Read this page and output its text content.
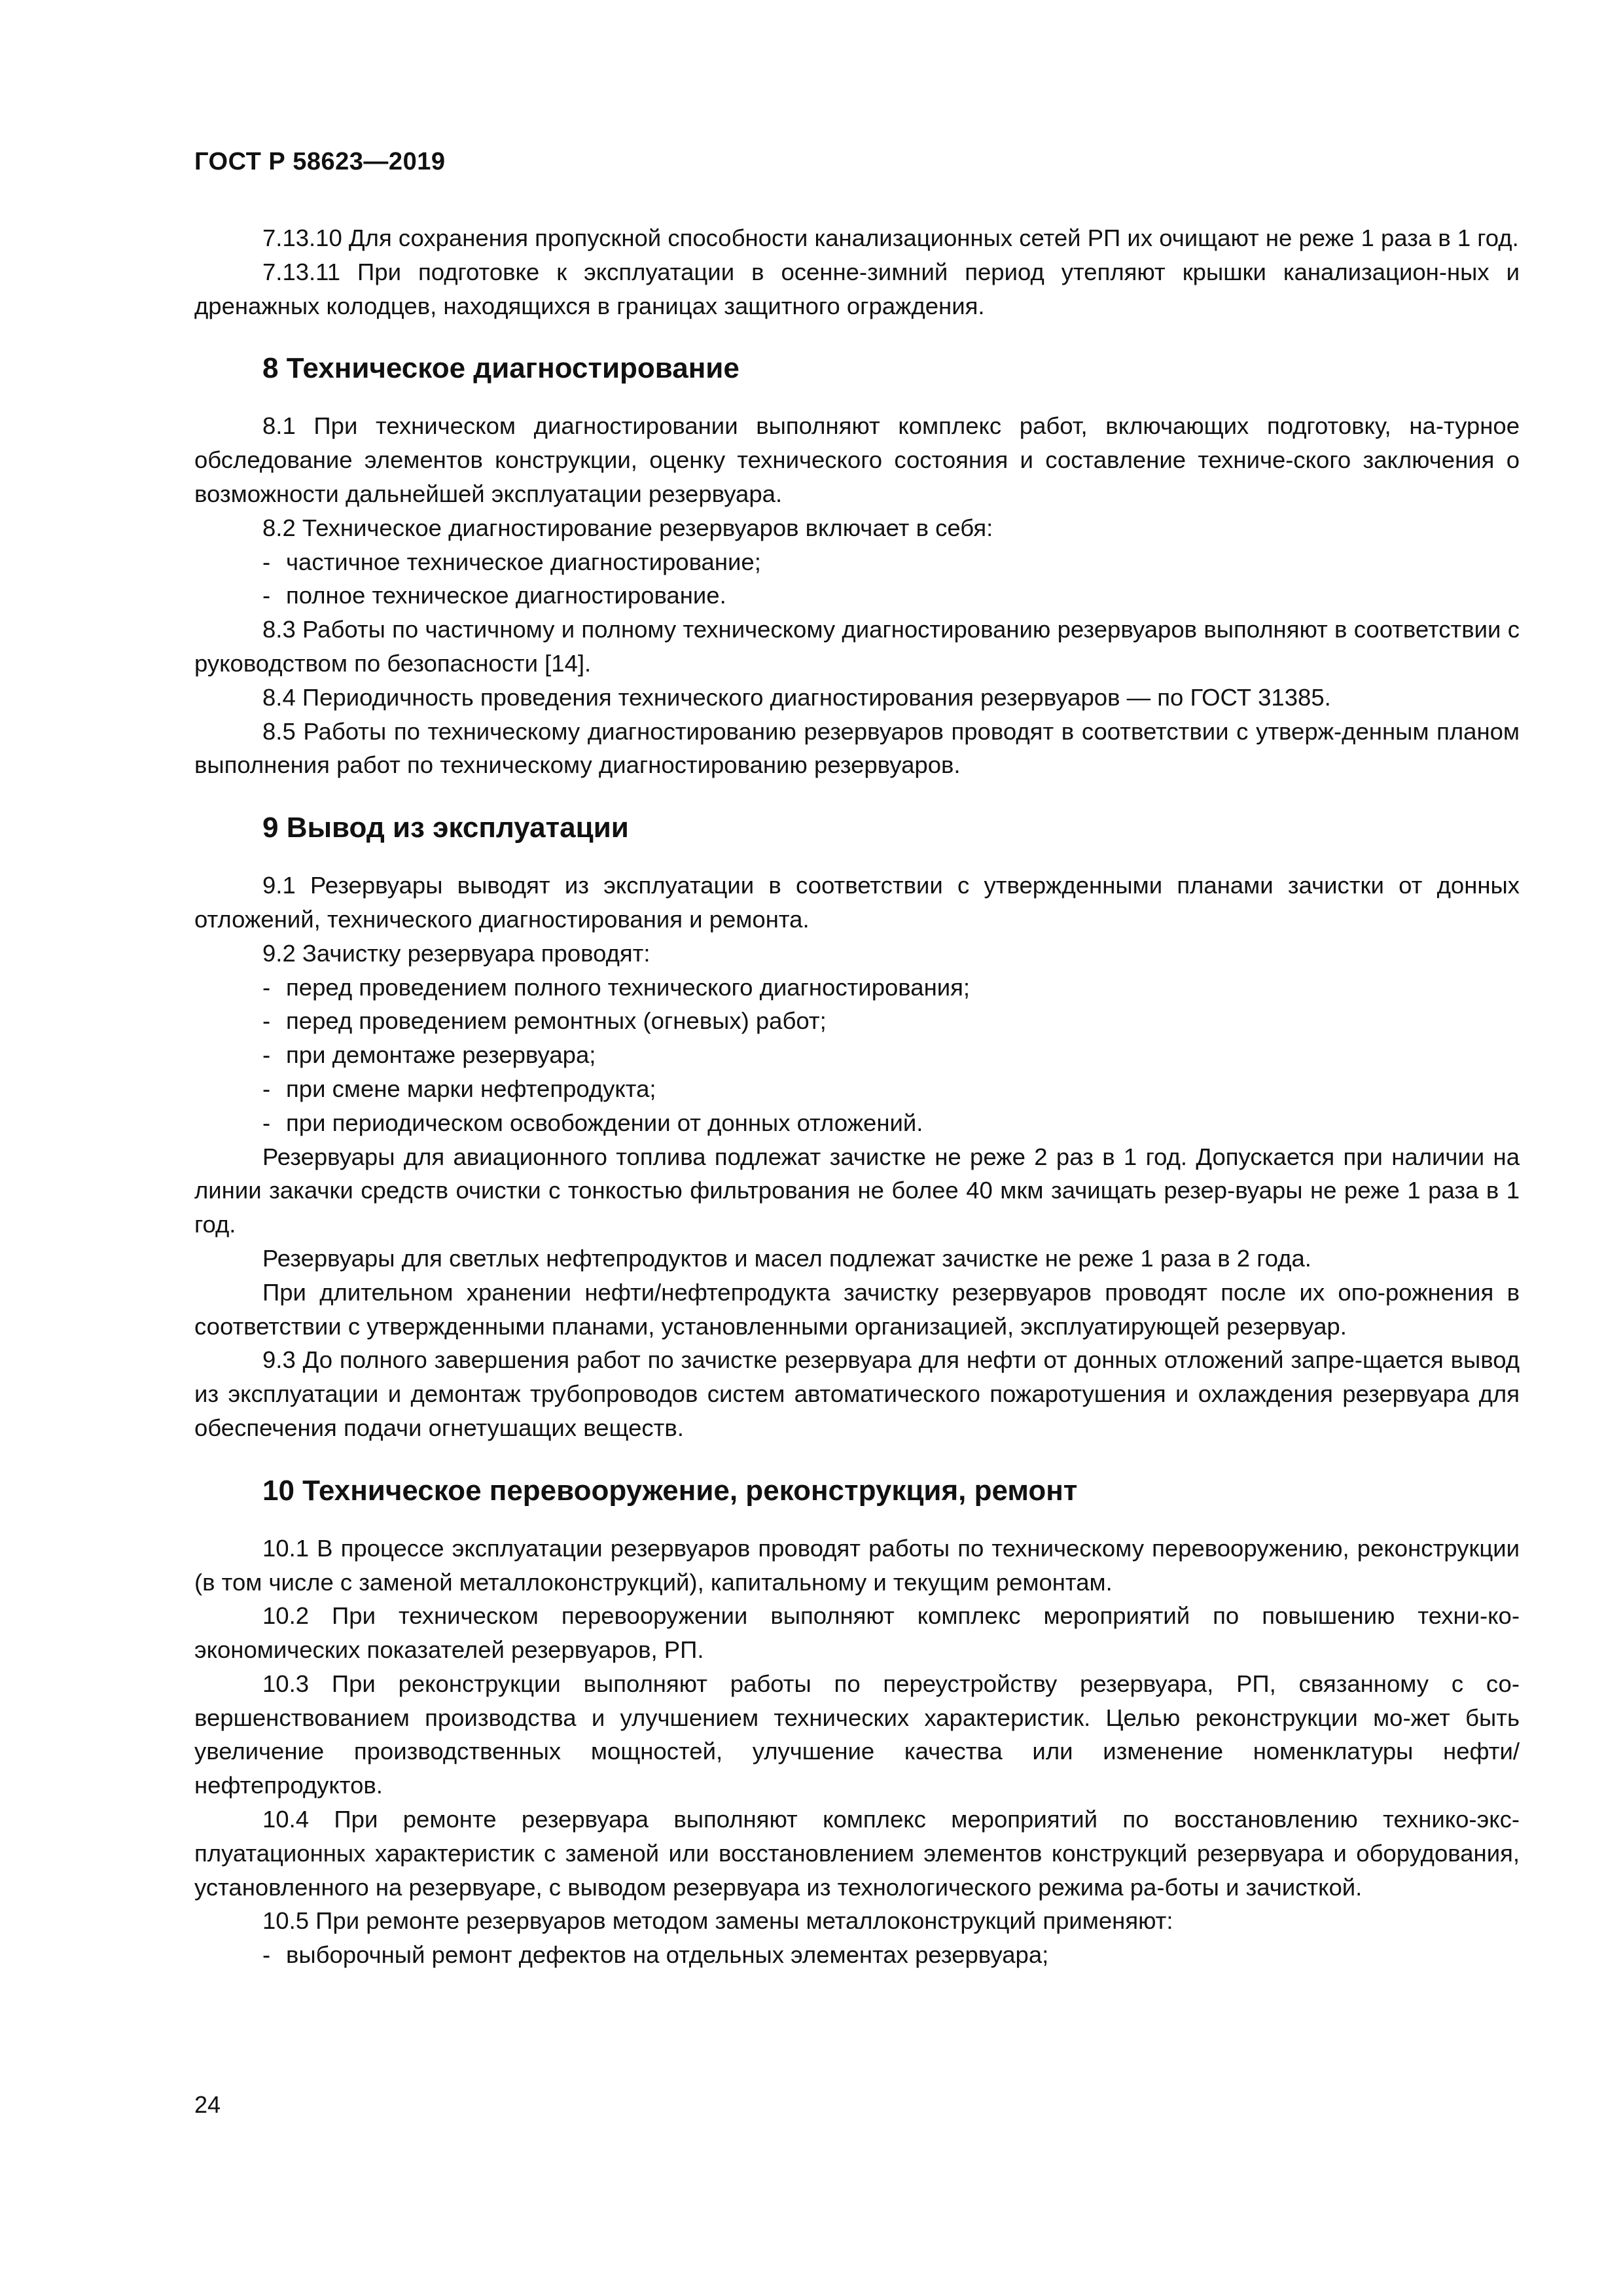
ГОСТ Р 58623—2019

7.13.10 Для сохранения пропускной способности канализационных сетей РП их очищают не реже 1 раза в 1 год.

7.13.11 При подготовке к эксплуатации в осенне-зимний период утепляют крышки канализацион-ных и дренажных колодцев, находящихся в границах защитного ограждения.

8 Техническое диагностирование

8.1 При техническом диагностировании выполняют комплекс работ, включающих подготовку, на-турное обследование элементов конструкции, оценку технического состояния и составление техниче-ского заключения о возможности дальнейшей эксплуатации резервуара.

8.2 Техническое диагностирование резервуаров включает в себя:

- частичное техническое диагностирование;

- полное техническое диагностирование.

8.3 Работы по частичному и полному техническому диагностированию резервуаров выполняют в соответствии с руководством по безопасности [14].

8.4 Периодичность проведения технического диагностирования резервуаров — по ГОСТ 31385.

8.5 Работы по техническому диагностированию резервуаров проводят в соответствии с утверж-денным планом выполнения работ по техническому диагностированию резервуаров.

9 Вывод из эксплуатации

9.1 Резервуары выводят из эксплуатации в соответствии с утвержденными планами зачистки от донных отложений, технического диагностирования и ремонта.

9.2 Зачистку резервуара проводят:

- перед проведением полного технического диагностирования;

- перед проведением ремонтных (огневых) работ;

- при демонтаже резервуара;

- при смене марки нефтепродукта;

- при периодическом освобождении от донных отложений.

Резервуары для авиационного топлива подлежат зачистке не реже 2 раз в 1 год. Допускается при наличии на линии закачки средств очистки с тонкостью фильтрования не более 40 мкм зачищать резер-вуары не реже 1 раза в 1 год.

Резервуары для светлых нефтепродуктов и масел подлежат зачистке не реже 1 раза в 2 года.

При длительном хранении нефти/нефтепродукта зачистку резервуаров проводят после их опо-рожнения в соответствии с утвержденными планами, установленными организацией, эксплуатирующей резервуар.

9.3 До полного завершения работ по зачистке резервуара для нефти от донных отложений запре-щается вывод из эксплуатации и демонтаж трубопроводов систем автоматического пожаротушения и охлаждения резервуара для обеспечения подачи огнетушащих веществ.

10 Техническое перевооружение, реконструкция, ремонт

10.1 В процессе эксплуатации резервуаров проводят работы по техническому перевооружению, реконструкции (в том числе с заменой металлоконструкций), капитальному и текущим ремонтам.

10.2 При техническом перевооружении выполняют комплекс мероприятий по повышению техни-ко-экономических показателей резервуаров, РП.

10.3 При реконструкции выполняют работы по переустройству резервуара, РП, связанному с со-вершенствованием производства и улучшением технических характеристик. Целью реконструкции мо-жет быть увеличение производственных мощностей, улучшение качества или изменение номенклатуры нефти/нефтепродуктов.

10.4 При ремонте резервуара выполняют комплекс мероприятий по восстановлению технико-экс-плуатационных характеристик с заменой или восстановлением элементов конструкций резервуара и оборудования, установленного на резервуаре, с выводом резервуара из технологического режима ра-боты и зачисткой.

10.5 При ремонте резервуаров методом замены металлоконструкций применяют:

- выборочный ремонт дефектов на отдельных элементах резервуара;

24
